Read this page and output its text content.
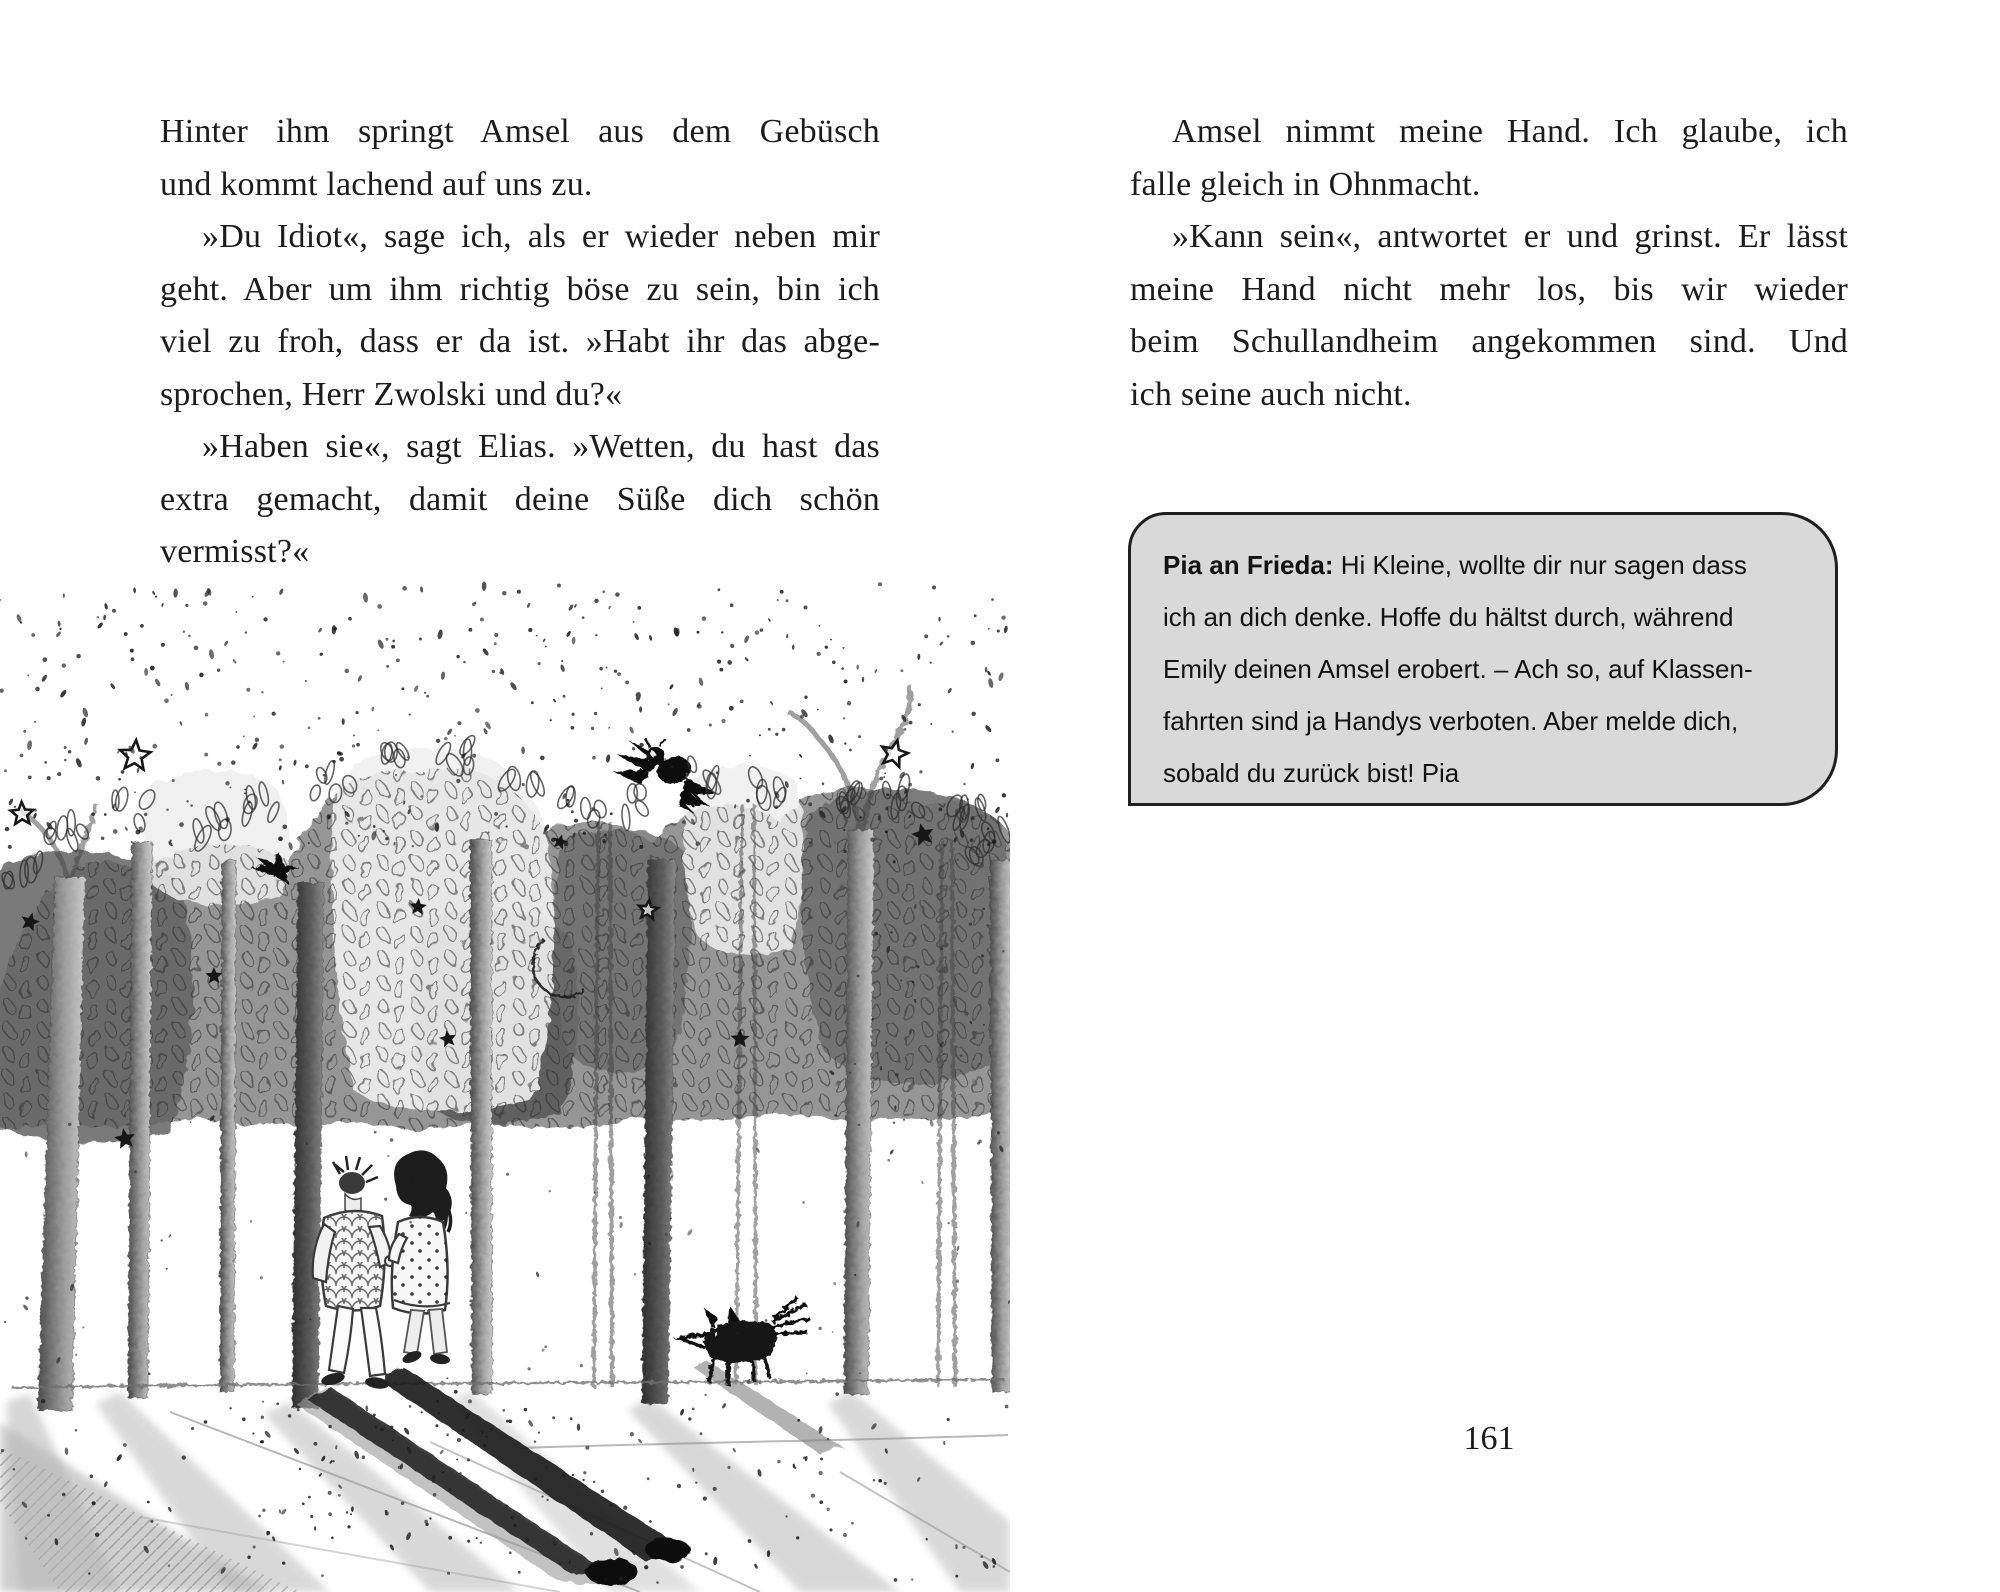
Hinter ihm springt Amsel aus dem Gebüsch
und kommt lachend auf uns zu.
»Du Idiot«, sage ich, als er wieder neben mir
geht. Aber um ihm richtig böse zu sein, bin ich
viel zu froh, dass er da ist. »Habt ihr das abge-
sprochen, Herr Zwolski und du?«
»Haben sie«, sagt Elias. »Wetten, du hast das
extra gemacht, damit deine Süße dich schön
vermisst?«
Amsel nimmt meine Hand. Ich glaube, ich
falle gleich in Ohnmacht.
»Kann sein«, antwortet er und grinst. Er lässt
meine Hand nicht mehr los, bis wir wieder
beim Schullandheim angekommen sind. Und
ich seine auch nicht.
Pia an Frieda: Hi Kleine, wollte dir nur sagen dass
ich an dich denke. Hoffe du hältst durch, während
Emily deinen Amsel erobert. – Ach so, auf Klassen-
fahrten sind ja Handys verboten. Aber melde dich,
sobald du zurück bist! Pia
161
